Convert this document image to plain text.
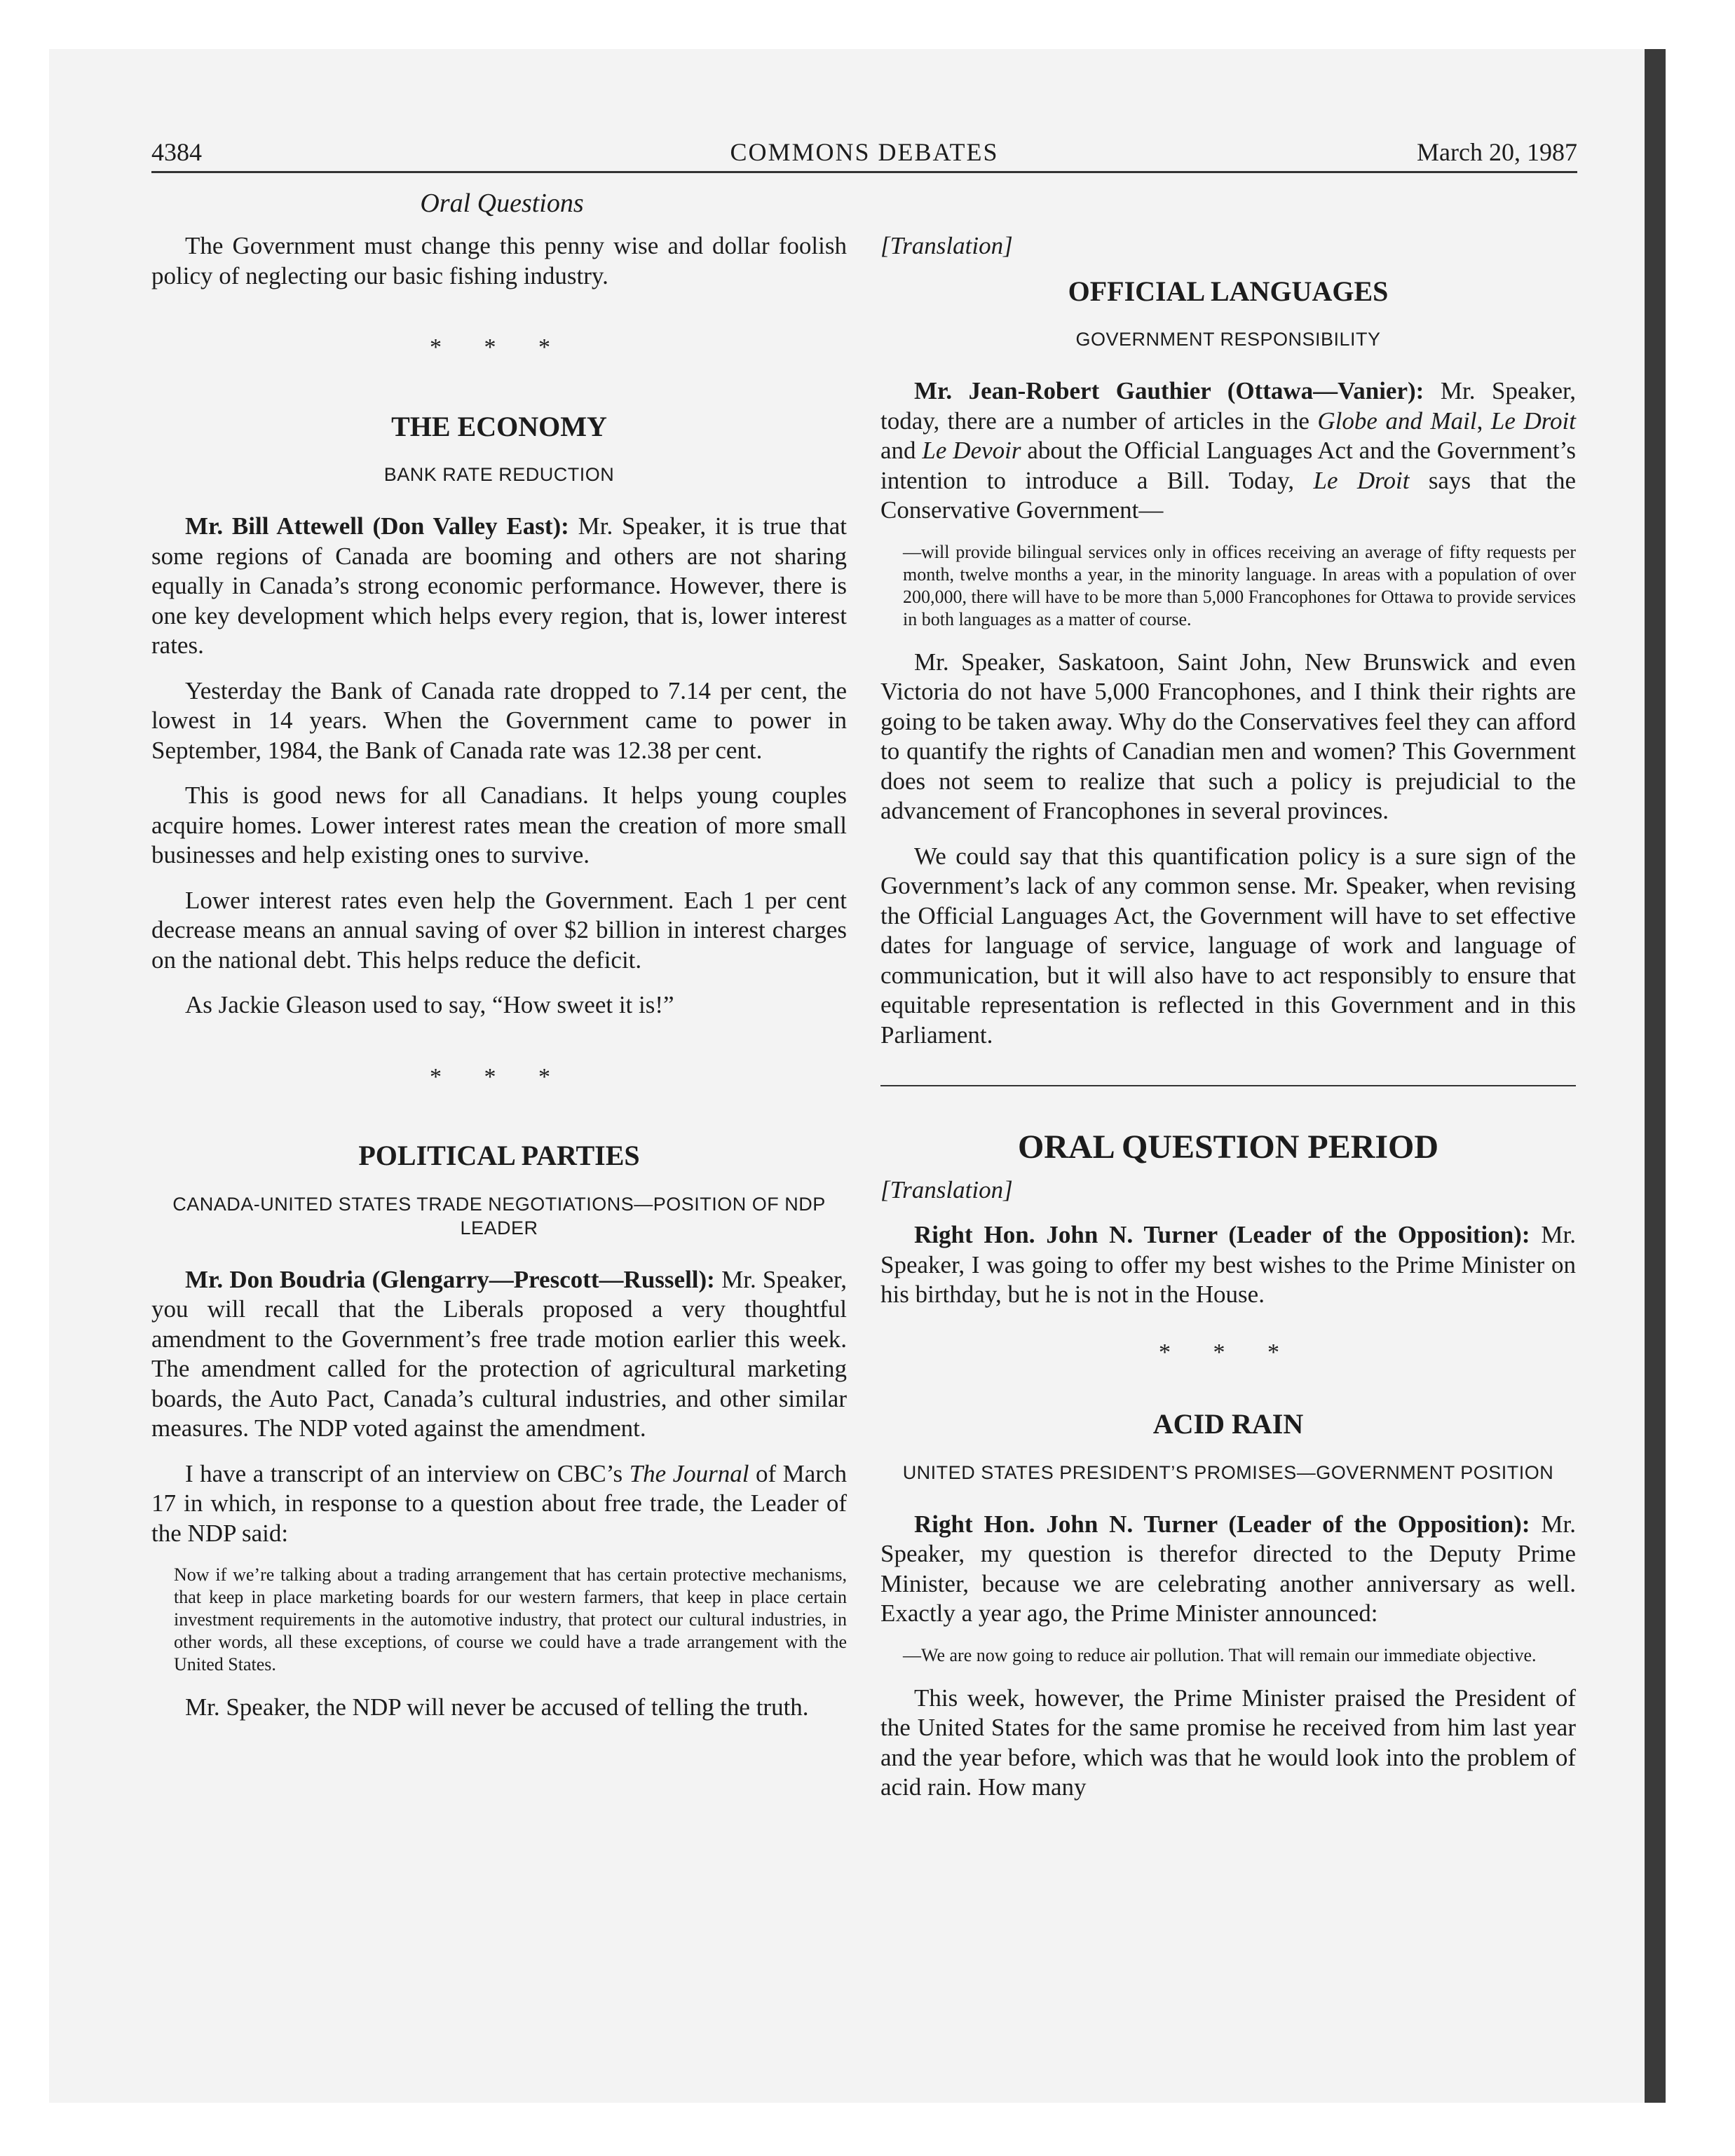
4384	COMMONS DEBATES	March 20, 1987
Oral Questions

The Government must change this penny wise and dollar foolish policy of neglecting our basic fishing industry.

* * *
THE ECONOMY
BANK RATE REDUCTION

Mr. Bill Attewell (Don Valley East): Mr. Speaker, it is true that some regions of Canada are booming and others are not sharing equally in Canada’s strong economic performance. However, there is one key development which helps every region, that is, lower interest rates.

Yesterday the Bank of Canada rate dropped to 7.14 per cent, the lowest in 14 years. When the Government came to power in September, 1984, the Bank of Canada rate was 12.38 per cent.

This is good news for all Canadians. It helps young couples acquire homes. Lower interest rates mean the creation of more small businesses and help existing ones to survive.

Lower interest rates even help the Government. Each 1 per cent decrease means an annual saving of over $2 billion in interest charges on the national debt. This helps reduce the deficit.

As Jackie Gleason used to say, “How sweet it is!”

* * *
POLITICAL PARTIES
CANADA-UNITED STATES TRADE NEGOTIATIONS—POSITION OF NDP LEADER

Mr. Don Boudria (Glengarry—Prescott—Russell): Mr. Speaker, you will recall that the Liberals proposed a very thoughtful amendment to the Government’s free trade motion earlier this week. The amendment called for the protection of agricultural marketing boards, the Auto Pact, Canada’s cultural industries, and other similar measures. The NDP voted against the amendment.

I have a transcript of an interview on CBC’s The Journal of March 17 in which, in response to a question about free trade, the Leader of the NDP said:

Now if we’re talking about a trading arrangement that has certain protective mechanisms, that keep in place marketing boards for our western farmers, that keep in place certain investment requirements in the automotive industry, that protect our cultural industries, in other words, all these exceptions, of course we could have a trade arrangement with the United States.

Mr. Speaker, the NDP will never be accused of telling the truth.

[Translation]
OFFICIAL LANGUAGES
GOVERNMENT RESPONSIBILITY

Mr. Jean-Robert Gauthier (Ottawa—Vanier): Mr. Speaker, today, there are a number of articles in the Globe and Mail, Le Droit and Le Devoir about the Official Languages Act and the Government’s intention to introduce a Bill. Today, Le Droit says that the Conservative Government—

—will provide bilingual services only in offices receiving an average of fifty requests per month, twelve months a year, in the minority language. In areas with a population of over 200,000, there will have to be more than 5,000 Francophones for Ottawa to provide services in both languages as a matter of course.

Mr. Speaker, Saskatoon, Saint John, New Brunswick and even Victoria do not have 5,000 Francophones, and I think their rights are going to be taken away. Why do the Conservatives feel they can afford to quantify the rights of Canadian men and women? This Government does not seem to realize that such a policy is prejudicial to the advancement of Francophones in several provinces.

We could say that this quantification policy is a sure sign of the Government’s lack of any common sense. Mr. Speaker, when revising the Official Languages Act, the Government will have to set effective dates for language of service, language of work and language of communication, but it will also have to act responsibly to ensure that equitable representation is reflected in this Government and in this Parliament.

ORAL QUESTION PERIOD
[Translation]

Right Hon. John N. Turner (Leader of the Opposition): Mr. Speaker, I was going to offer my best wishes to the Prime Minister on his birthday, but he is not in the House.

* * *
ACID RAIN
UNITED STATES PRESIDENT’S PROMISES—GOVERNMENT POSITION

Right Hon. John N. Turner (Leader of the Opposition): Mr. Speaker, my question is therefor directed to the Deputy Prime Minister, because we are celebrating another anniversary as well. Exactly a year ago, the Prime Minister announced:

—We are now going to reduce air pollution. That will remain our immediate objective.

This week, however, the Prime Minister praised the President of the United States for the same promise he received from him last year and the year before, which was that he would look into the problem of acid rain. How many
